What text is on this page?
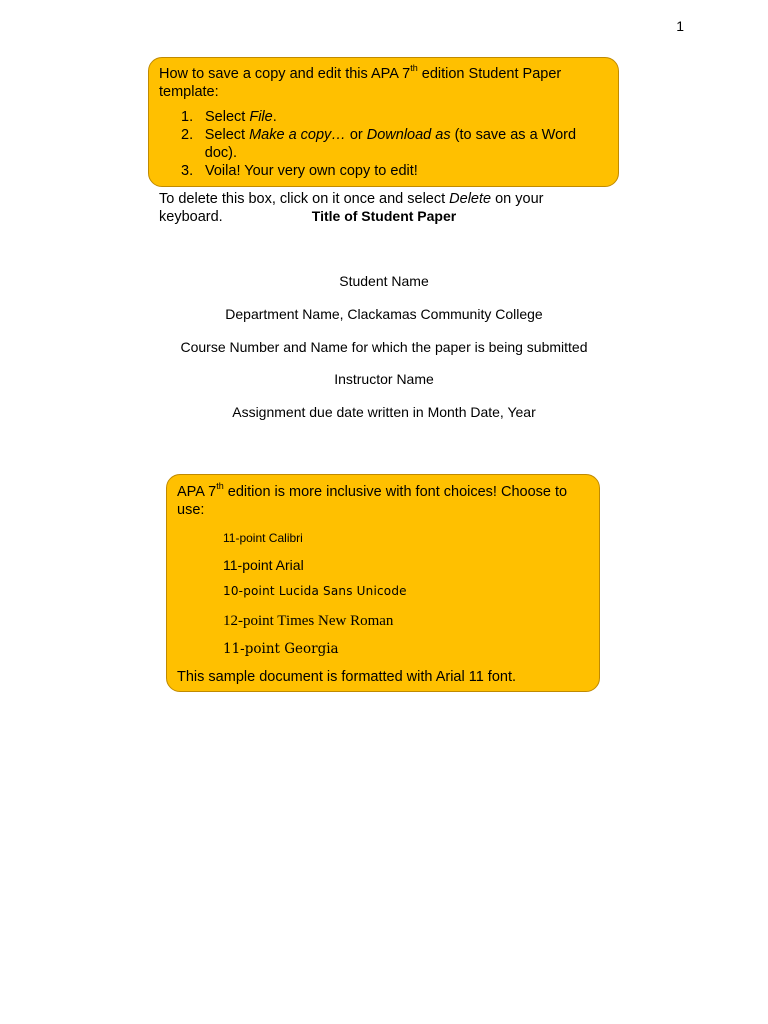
1

How to save a copy and edit this APA 7th edition Student Paper template:

1. Select File.
2. Select Make a copy… or Download as (to save as a Word doc).
3. Voila! Your very own copy to edit!

To delete this box, click on it once and select Delete on your keyboard.	Title of Student Paper
Student Name
Department Name, Clackamas Community College
Course Number and Name for which the paper is being submitted
Instructor Name
Assignment due date written in Month Date, Year

APA 7th edition is more inclusive with font choices! Choose to use:

11-point Calibri
11-point Arial
10-point Lucida Sans Unicode
12-point Times New Roman
11-point Georgia

This sample document is formatted with Arial 11 font.
